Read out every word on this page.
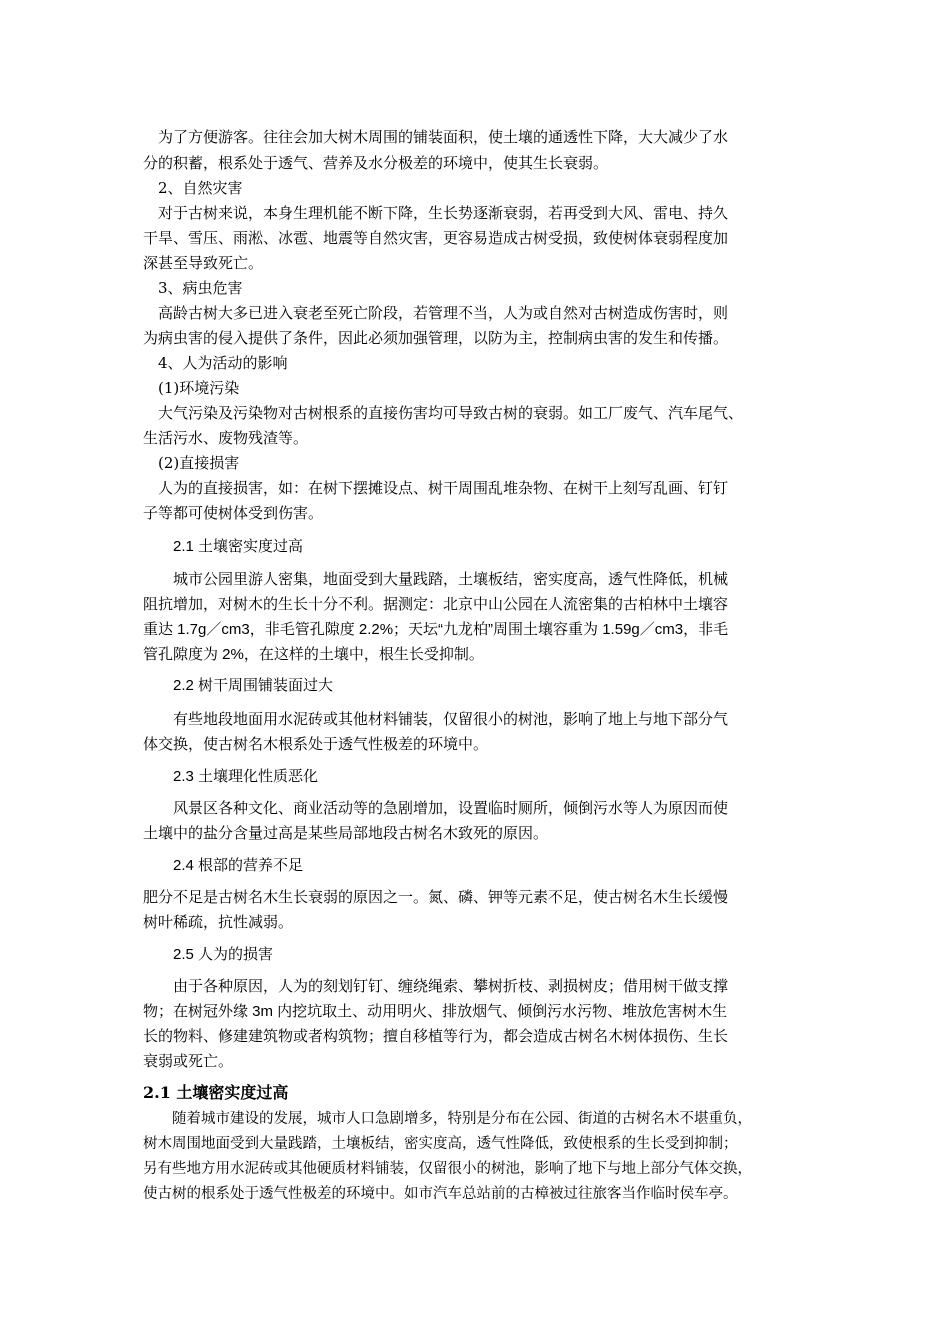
　为了方便游客。往往会加大树木周围的铺装面积，使土壤的通透性下降，大大减少了水
分的积蓄，根系处于透气、营养及水分极差的环境中，使其生长衰弱。
　2、自然灾害
　对于古树来说，本身生理机能不断下降，生长势逐渐衰弱，若再受到大风、雷电、持久
干旱、雪压、雨淞、冰雹、地震等自然灾害，更容易造成古树受损，致使树体衰弱程度加
深甚至导致死亡。
　3、病虫危害
　高龄古树大多已进入衰老至死亡阶段，若管理不当，人为或自然对古树造成伤害时，则
为病虫害的侵入提供了条件，因此必须加强管理，以防为主，控制病虫害的发生和传播。
　4、人为活动的影响
　(1)环境污染
　大气污染及污染物对古树根系的直接伤害均可导致古树的衰弱。如工厂废气、汽车尾气、
生活污水、废物残渣等。
　(2)直接损害
　人为的直接损害，如：在树下摆摊设点、树干周围乱堆杂物、在树干上刻写乱画、钉钉
子等都可使树体受到伤害。
　　2.1 土壤密实度过高
　　城市公园里游人密集，地面受到大量践踏，土壤板结，密实度高，透气性降低，机械
阻抗增加，对树木的生长十分不利。据测定：北京中山公园在人流密集的古柏林中土壤容
重达 1.7g／cm3，非毛管孔隙度 2.2%；天坛“九龙柏”周围土壤容重为 1.59g／cm3，非毛
管孔隙度为 2%，在这样的土壤中，根生长受抑制。
　　2.2 树干周围铺装面过大
　　有些地段地面用水泥砖或其他材料铺装，仅留很小的树池，影响了地上与地下部分气
体交换，使古树名木根系处于透气性极差的环境中。
　　2.3 土壤理化性质恶化
　　风景区各种文化、商业活动等的急剧增加，设置临时厕所，倾倒污水等人为原因而使
土壤中的盐分含量过高是某些局部地段古树名木致死的原因。
　　2.4 根部的营养不足
肥分不足是古树名木生长衰弱的原因之一。氮、磷、钾等元素不足，使古树名木生长缓慢
树叶稀疏，抗性减弱。
　　2.5 人为的损害
　　由于各种原因，人为的刻划钉钉、缠绕绳索、攀树折枝、剥损树皮；借用树干做支撑
物；在树冠外缘 3m 内挖坑取土、动用明火、排放烟气、倾倒污水污物、堆放危害树木生
长的物料、修建建筑物或者构筑物；擅自移植等行为，都会造成古树名木树体损伤、生长
衰弱或死亡。
2.1 土壤密实度过高
　　随着城市建设的发展，城市人口急剧增多，特别是分布在公园、街道的古树名木不堪重负，
树木周围地面受到大量践踏，土壤板结，密实度高，透气性降低，致使根系的生长受到抑制；
另有些地方用水泥砖或其他硬质材料铺装，仅留很小的树池，影响了地下与地上部分气体交换，
使古树的根系处于透气性极差的环境中。如市汽车总站前的古樟被过往旅客当作临时侯车亭。
